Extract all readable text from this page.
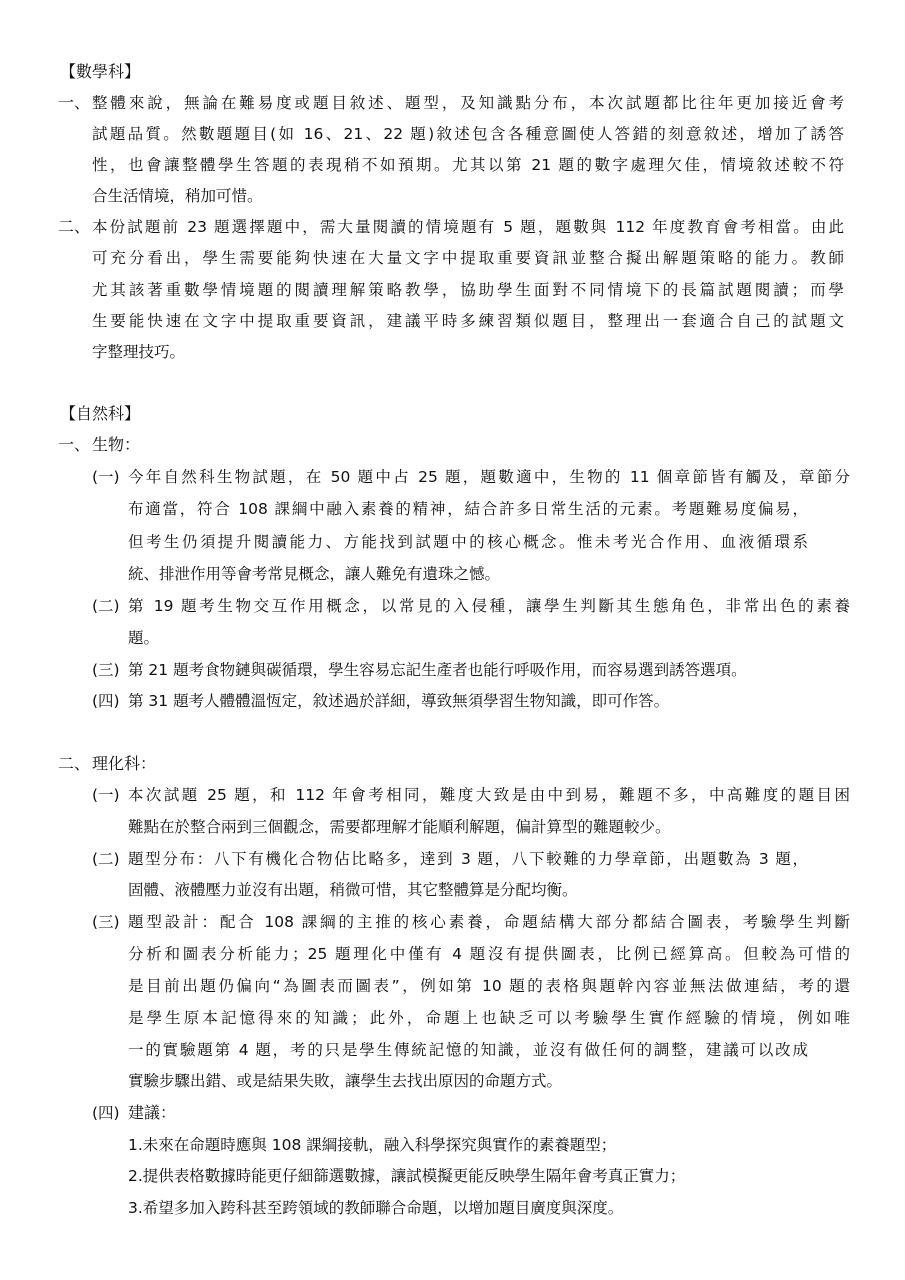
【數學科】
一、 整體來說，無論在難易度或題目敘述、題型，及知識點分布，本次試題都比往年更加接近會考
試題品質。然數題題目(如 16、21、22 題)敘述包含各種意圖使人答錯的刻意敘述，增加了誘答
性，也會讓整體學生答題的表現稍不如預期。尤其以第 21 題的數字處理欠佳，情境敘述較不符
合生活情境，稍加可惜。
二、 本份試題前 23 題選擇題中，需大量閱讀的情境題有 5 題，題數與 112 年度教育會考相當。由此
可充分看出，學生需要能夠快速在大量文字中提取重要資訊並整合擬出解題策略的能力。教師
尤其該著重數學情境題的閱讀理解策略教學，協助學生面對不同情境下的長篇試題閱讀；而學
生要能快速在文字中提取重要資訊，建議平時多練習類似題目，整理出一套適合自己的試題文
字整理技巧。
【自然科】
一、 生物：
(一) 今年自然科生物試題，在 50 題中占 25 題，題數適中，生物的 11 個章節皆有觸及，章節分
布適當，符合 108 課綱中融入素養的精神，結合許多日常生活的元素。考題難易度偏易，
但考生仍須提升閱讀能力、方能找到試題中的核心概念。惟未考光合作用、血液循環系
統、排泄作用等會考常見概念，讓人難免有遺珠之憾。
(二) 第 19 題考生物交互作用概念，以常見的入侵種，讓學生判斷其生態角色，非常出色的素養
題。
(三) 第 21 題考食物鏈與碳循環，學生容易忘記生產者也能行呼吸作用，而容易選到誘答選項。
(四) 第 31 題考人體體溫恆定，敘述過於詳細，導致無須學習生物知識，即可作答。
二、 理化科：
(一) 本次試題 25 題，和 112 年會考相同，難度大致是由中到易，難題不多，中高難度的題目困
難點在於整合兩到三個觀念，需要都理解才能順利解題，偏計算型的難題較少。
(二) 題型分布：八下有機化合物佔比略多，達到 3 題，八下較難的力學章節，出題數為 3 題，
固體、液體壓力並沒有出題，稍微可惜，其它整體算是分配均衡。
(三) 題型設計：配合 108 課綱的主推的核心素養，命題結構大部分都結合圖表，考驗學生判斷
分析和圖表分析能力；25 題理化中僅有 4 題沒有提供圖表，比例已經算高。但較為可惜的
是目前出題仍偏向“為圖表而圖表”，例如第 10 題的表格與題幹內容並無法做連結，考的還
是學生原本記憶得來的知識；此外，命題上也缺乏可以考驗學生實作經驗的情境，例如唯
一的實驗題第 4 題，考的只是學生傳統記憶的知識，並沒有做任何的調整，建議可以改成
實驗步驟出錯、或是結果失敗，讓學生去找出原因的命題方式。
(四) 建議：
1.未來在命題時應與 108 課綱接軌，融入科學探究與實作的素養題型；
2.提供表格數據時能更仔細篩選數據，讓試模擬更能反映學生隔年會考真正實力；
3.希望多加入跨科甚至跨領域的教師聯合命題，以增加題目廣度與深度。
